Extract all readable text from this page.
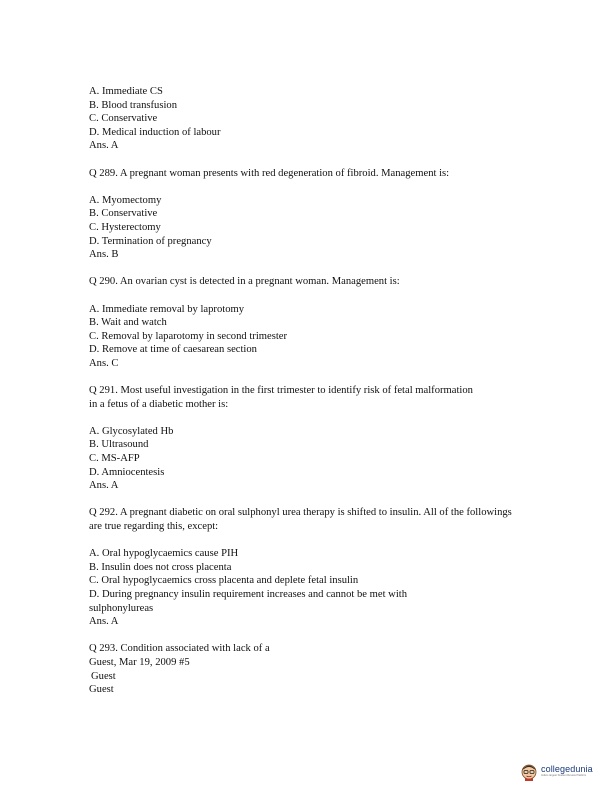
A. Immediate CS
B. Blood transfusion
C. Conservative
D. Medical induction of labour
Ans. A
Q 289. A pregnant woman presents with red degeneration of fibroid. Management is:
A. Myomectomy
B. Conservative
C. Hysterectomy
D. Termination of pregnancy
Ans. B
Q 290. An ovarian cyst is detected in a pregnant woman. Management is:
A. Immediate removal by laprotomy
B. Wait and watch
C. Removal by laparotomy in second trimester
D. Remove at time of caesarean section
Ans. C
Q 291. Most useful investigation in the first trimester to identify risk of fetal malformation in a fetus of a diabetic mother is:
A. Glycosylated Hb
B. Ultrasound
C. MS-AFP
D. Amniocentesis
Ans. A
Q 292. A pregnant diabetic on oral sulphonyl urea therapy is shifted to insulin. All of the followings are true regarding this, except:
A. Oral hypoglycaemics cause PIH
B. Insulin does not cross placenta
C. Oral hypoglycaemics cross placenta and deplete fetal insulin
D. During pregnancy insulin requirement increases and cannot be met with sulphonylureas
Ans. A
Q 293. Condition associated with lack of a
Guest, Mar 19, 2009 #5
Guest
Guest
collegedunia
India's largest Student Review Platform
